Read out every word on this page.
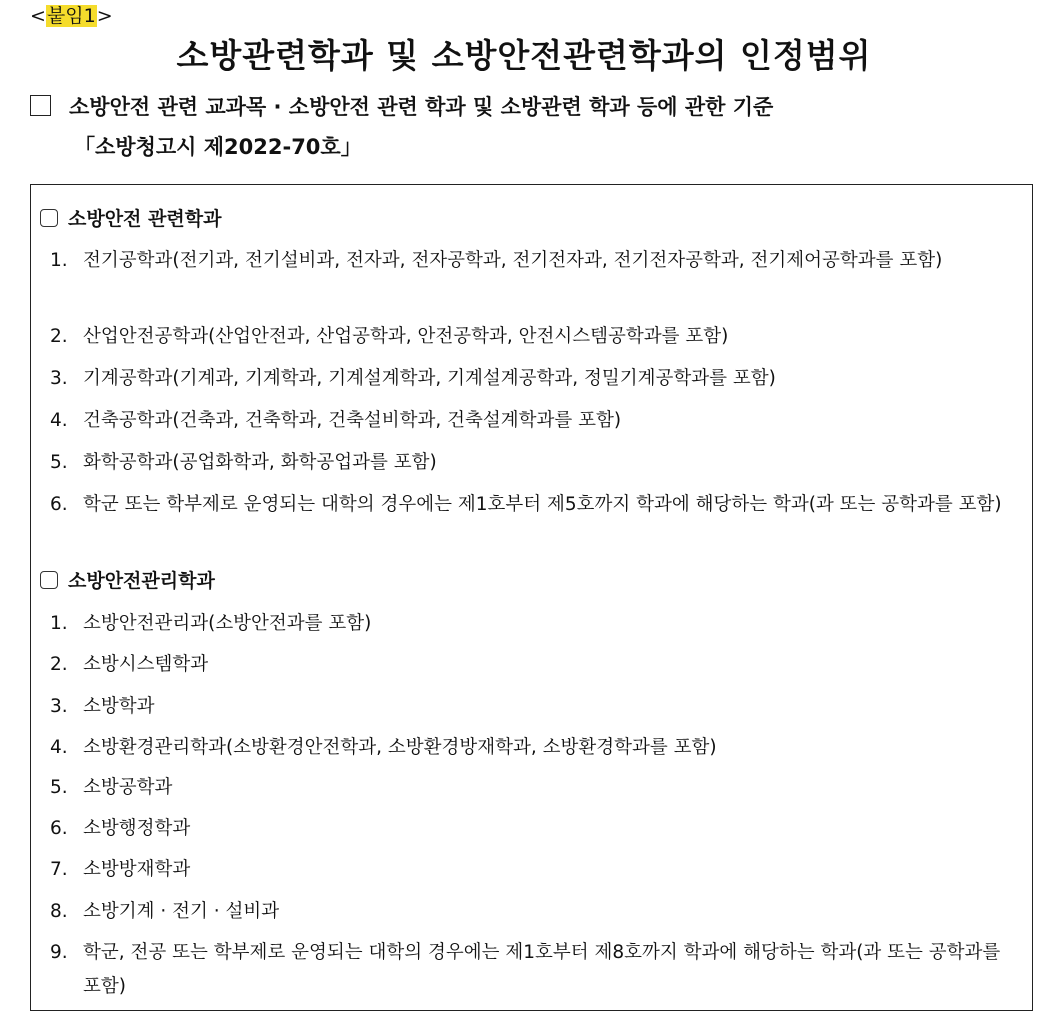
<붙임1>
소방관련학과 및 소방안전관련학과의 인정범위
소방안전 관련 교과목 · 소방안전 관련 학과 및 소방관련 학과 등에 관한 기준
「소방청고시 제2022-70호」
소방안전 관련학과
1. 전기공학과(전기과, 전기설비과, 전자과, 전자공학과, 전기전자과, 전기전자공학과, 전기제어공학과를 포함)
2. 산업안전공학과(산업안전과, 산업공학과, 안전공학과, 안전시스템공학과를 포함)
3. 기계공학과(기계과, 기계학과, 기계설계학과, 기계설계공학과, 정밀기계공학과를 포함)
4. 건축공학과(건축과, 건축학과, 건축설비학과, 건축설계학과를 포함)
5. 화학공학과(공업화학과, 화학공업과를 포함)
6. 학군 또는 학부제로 운영되는 대학의 경우에는 제1호부터 제5호까지 학과에 해당하는 학과(과 또는 공학과를 포함)
소방안전관리학과
1. 소방안전관리과(소방안전과를 포함)
2. 소방시스템학과
3. 소방학과
4. 소방환경관리학과(소방환경안전학과, 소방환경방재학과, 소방환경학과를 포함)
5. 소방공학과
6. 소방행정학과
7. 소방방재학과
8. 소방기계 · 전기 · 설비과
9. 학군, 전공 또는 학부제로 운영되는 대학의 경우에는 제1호부터 제8호까지 학과에 해당하는 학과(과 또는 공학과를 포함)
